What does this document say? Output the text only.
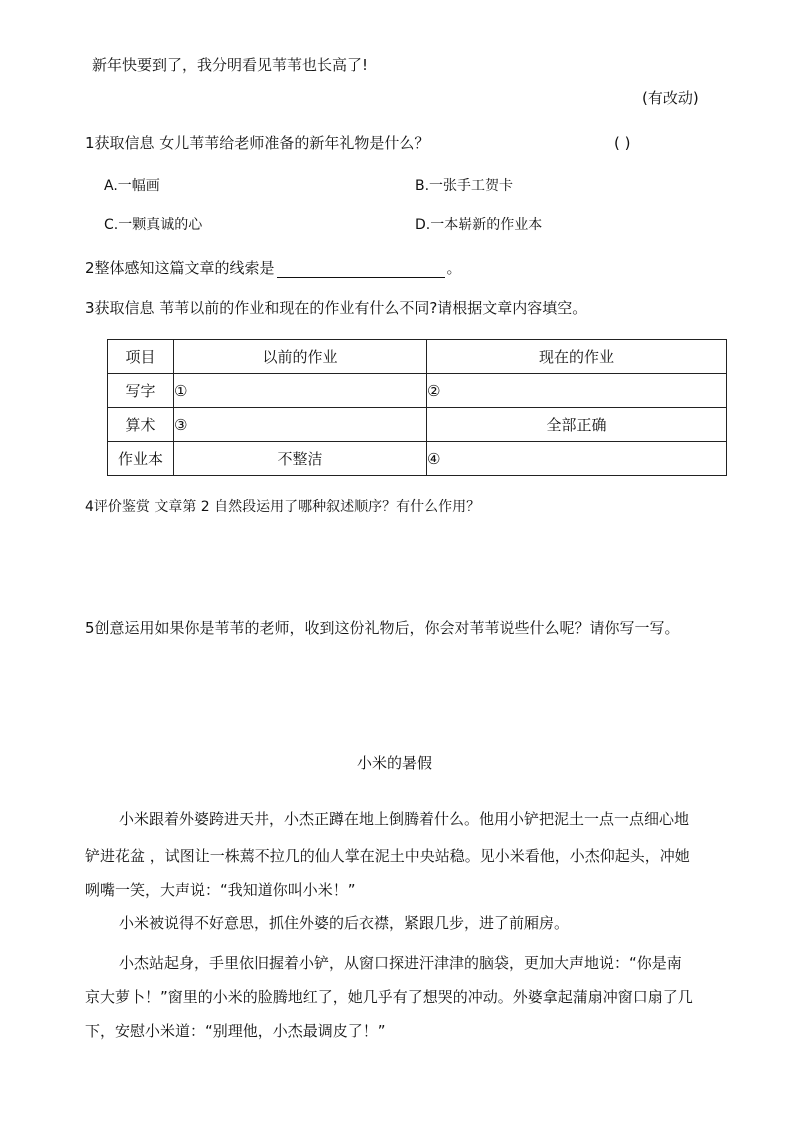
新年快要到了，我分明看见苇苇也长高了!
(有改动)
1获取信息 女儿苇苇给老师准备的新年礼物是什么？	( )
A.一幅画	B.一张手工贺卡
C.一颗真诚的心	D.一本崭新的作业本
2整体感知这篇文章的线索是	。
3获取信息 苇苇以前的作业和现在的作业有什么不同?请根据文章内容填空。
项目	以前的作业	现在的作业
写字	①	②
算术	③	全部正确
作业本	不整洁	④
4评价鉴赏 文章第 2 自然段运用了哪种叙述顺序？有什么作用？
5创意运用如果你是苇苇的老师，收到这份礼物后，你会对苇苇说些什么呢？请你写一写。
小米的暑假
小米跟着外婆跨进天井，小杰正蹲在地上倒腾着什么。他用小铲把泥土一点一点细心地
铲进花盆 ，试图让一株蔫不拉几的仙人掌在泥土中央站稳。见小米看他，小杰仰起头，冲她
咧嘴一笑，大声说：“我知道你叫小米！”
小米被说得不好意思，抓住外婆的后衣襟，紧跟几步，进了前厢房。
小杰站起身，手里依旧握着小铲，从窗口探进汗津津的脑袋，更加大声地说：“你是南
京大萝卜！”窗里的小米的脸腾地红了，她几乎有了想哭的冲动。外婆拿起蒲扇冲窗口扇了几
下，安慰小米道：“别理他，小杰最调皮了！”
